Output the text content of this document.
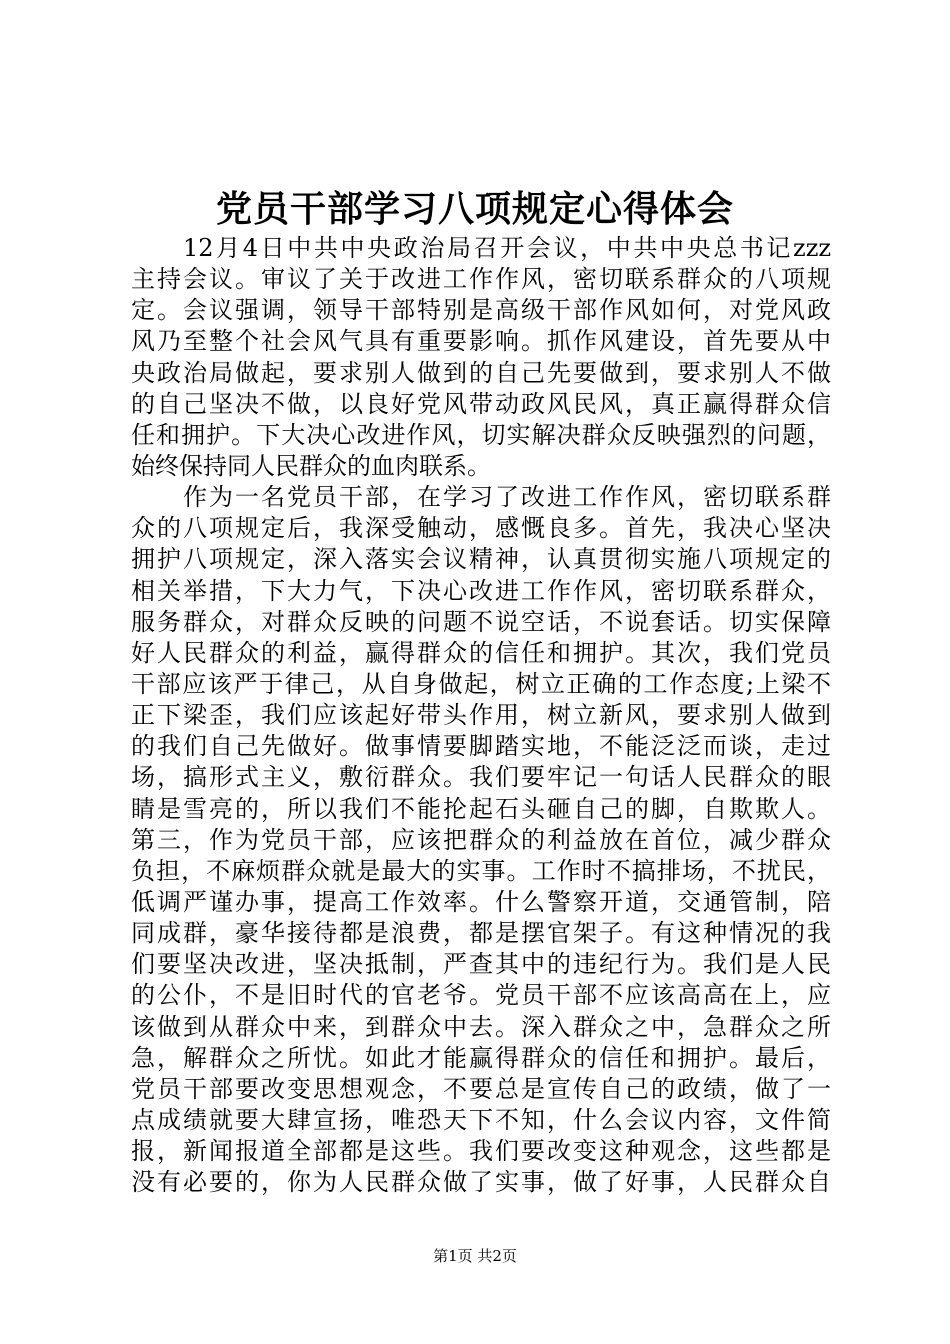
党员干部学习八项规定心得体会
12月4日中共中央政治局召开会议，中共中央总书记zzz
主持会议。审议了关于改进工作作风，密切联系群众的八项规
定。会议强调，领导干部特别是高级干部作风如何，对党风政
风乃至整个社会风气具有重要影响。抓作风建设，首先要从中
央政治局做起，要求别人做到的自己先要做到，要求别人不做
的自己坚决不做，以良好党风带动政风民风，真正赢得群众信
任和拥护。下大决心改进作风，切实解决群众反映强烈的问题，
始终保持同人民群众的血肉联系。
作为一名党员干部，在学习了改进工作作风，密切联系群
众的八项规定后，我深受触动，感慨良多。首先，我决心坚决
拥护八项规定，深入落实会议精神，认真贯彻实施八项规定的
相关举措，下大力气，下决心改进工作作风，密切联系群众，
服务群众，对群众反映的问题不说空话，不说套话。切实保障
好人民群众的利益，赢得群众的信任和拥护。其次，我们党员
干部应该严于律己，从自身做起，树立正确的工作态度;上梁不
正下梁歪，我们应该起好带头作用，树立新风，要求别人做到
的我们自己先做好。做事情要脚踏实地，不能泛泛而谈，走过
场，搞形式主义，敷衍群众。我们要牢记一句话人民群众的眼
睛是雪亮的，所以我们不能抡起石头砸自己的脚，自欺欺人。
第三，作为党员干部，应该把群众的利益放在首位，减少群众
负担，不麻烦群众就是最大的实事。工作时不搞排场，不扰民，
低调严谨办事，提高工作效率。什么警察开道，交通管制，陪
同成群，豪华接待都是浪费，都是摆官架子。有这种情况的我
们要坚决改进，坚决抵制，严查其中的违纪行为。我们是人民
的公仆，不是旧时代的官老爷。党员干部不应该高高在上，应
该做到从群众中来，到群众中去。深入群众之中，急群众之所
急，解群众之所忧。如此才能赢得群众的信任和拥护。最后，
党员干部要改变思想观念，不要总是宣传自己的政绩，做了一
点成绩就要大肆宣扬，唯恐天下不知，什么会议内容，文件简
报，新闻报道全部都是这些。我们要改变这种观念，这些都是
没有必要的，你为人民群众做了实事，做了好事，人民群众自
第1页 共2页
